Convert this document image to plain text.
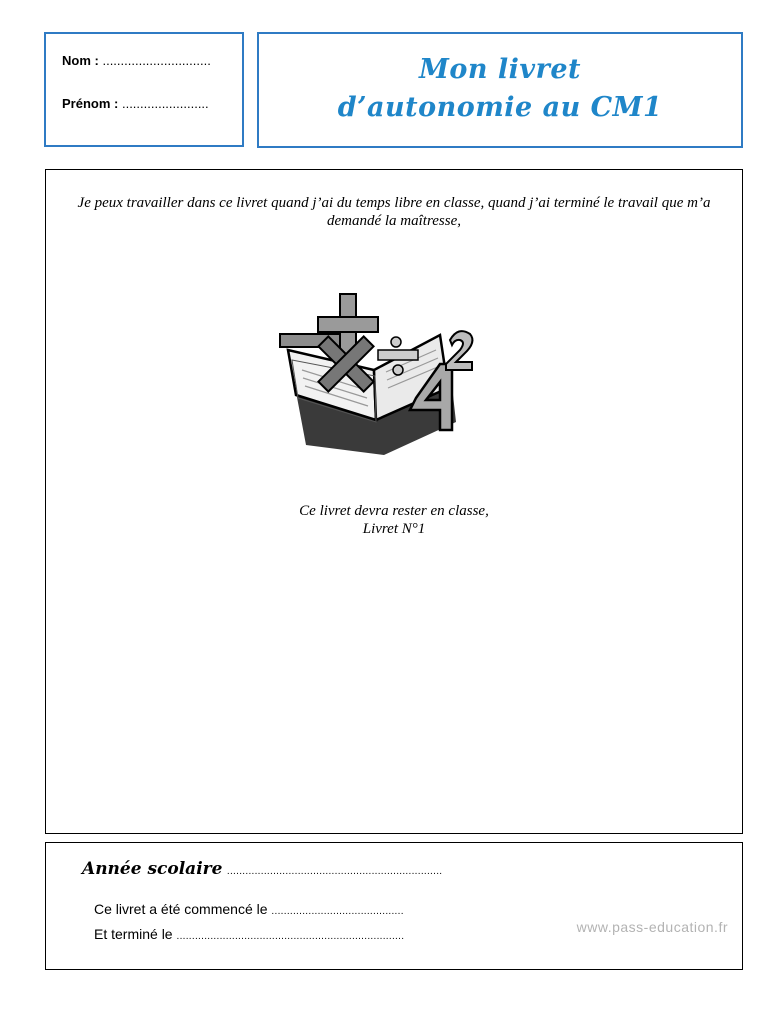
Nom : ..............................
Prénom : ........................
Mon livret
d’autonomie au CM1
Je peux travailler dans ce livret quand j’ai du temps libre en classe, quand j’ai terminé le travail que m’a demandé la maîtresse,
Ce livret devra rester en classe,
Livret N°1
Année scolaire ......................................................................
Ce livret a été commencé le ...........................................
Et terminé le ..........................................................................
www.pass-education.fr
